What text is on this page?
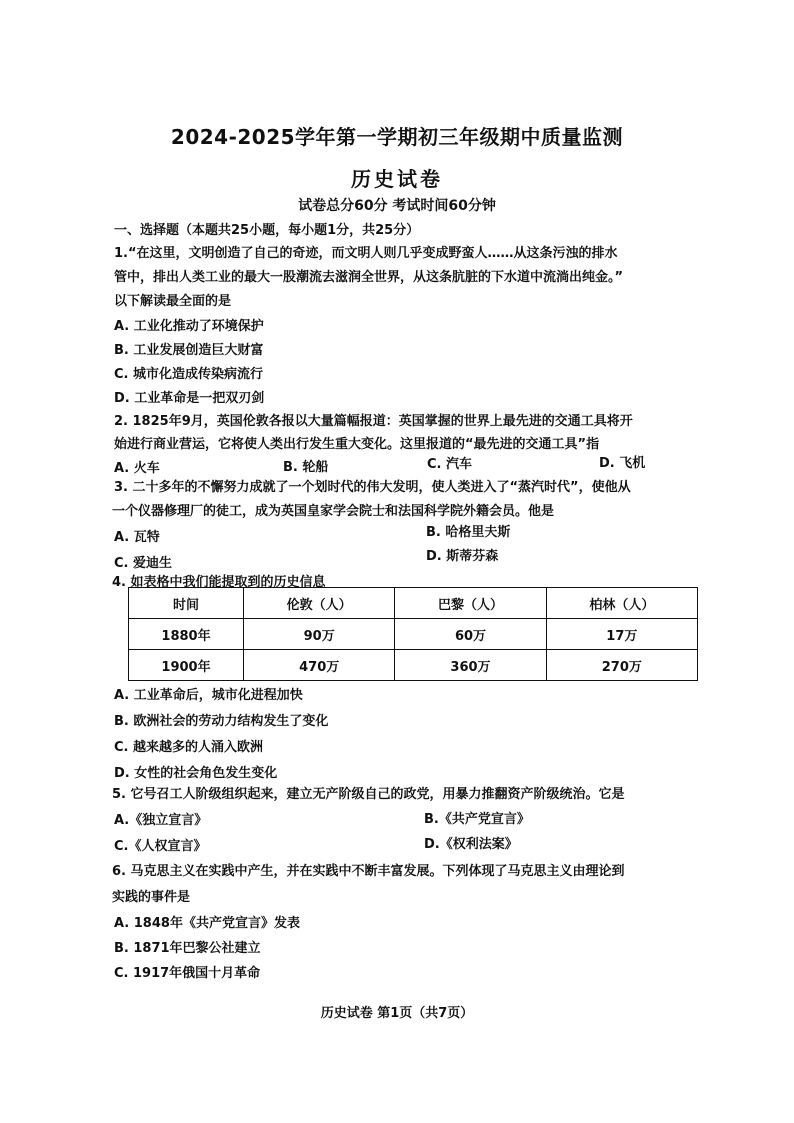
2024-2025学年第一学期初三年级期中质量监测
历史试卷
试卷总分60分 考试时间60分钟
一、选择题（本题共25小题，每小题1分，共25分）
1.“在这里，文明创造了自己的奇迹，而文明人则几乎变成野蛮人……从这条污浊的排水
管中，排出人类工业的最大一股潮流去滋润全世界，从这条肮脏的下水道中流淌出纯金。”
以下解读最全面的是
A. 工业化推动了环境保护
B. 工业发展创造巨大财富
C. 城市化造成传染病流行
D. 工业革命是一把双刃剑
2. 1825年9月，英国伦敦各报以大量篇幅报道：英国掌握的世界上最先进的交通工具将开
始进行商业营运，它将使人类出行发生重大变化。这里报道的“最先进的交通工具”指
A. 火车	B. 轮船	C. 汽车	D. 飞机
3. 二十多年的不懈努力成就了一个划时代的伟大发明，使人类进入了“蒸汽时代”，使他从
一个仪器修理厂的徒工，成为英国皇家学会院士和法国科学院外籍会员。他是
A. 瓦特	B. 哈格里夫斯
C. 爱迪生	D. 斯蒂芬森
4. 如表格中我们能提取到的历史信息
时间	伦敦（人）	巴黎（人）	柏林（人）
1880年	90万	60万	17万
1900年	470万	360万	270万
A. 工业革命后，城市化进程加快
B. 欧洲社会的劳动力结构发生了变化
C. 越来越多的人涌入欧洲
D. 女性的社会角色发生变化
5. 它号召工人阶级组织起来，建立无产阶级自己的政党，用暴力推翻资产阶级统治。它是
A.《独立宣言》	B.《共产党宣言》
C.《人权宣言》	D.《权利法案》
6. 马克思主义在实践中产生，并在实践中不断丰富发展。下列体现了马克思主义由理论到
实践的事件是
A. 1848年《共产党宣言》发表
B. 1871年巴黎公社建立
C. 1917年俄国十月革命
历史试卷 第1页（共7页）
